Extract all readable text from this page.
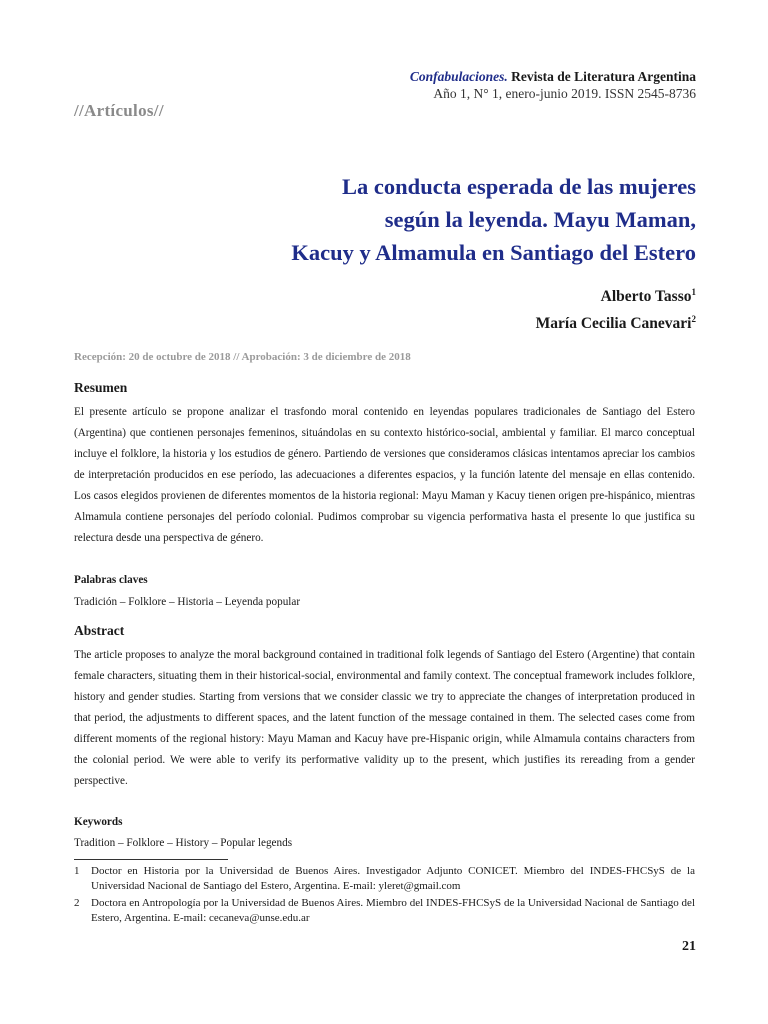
Confabulaciones. Revista de Literatura Argentina
Año 1, N° 1, enero-junio 2019. ISSN 2545-8736
//Artículos//
La conducta esperada de las mujeres
según la leyenda. Mayu Maman,
Kacuy y Almamula en Santiago del Estero
Alberto Tasso$^1$
María Cecilia Canevari$^2$
Recepción: 20 de octubre de 2018 // Aprobación: 3 de diciembre de 2018
Resumen
El presente artículo se propone analizar el trasfondo moral contenido en leyendas populares tradicionales de Santiago del Estero (Argentina) que contienen personajes femeninos, situándolas en su contexto histórico-social, ambiental y familiar. El marco conceptual incluye el folklore, la historia y los estudios de género. Partiendo de versiones que consideramos clásicas intentamos apreciar los cambios de interpretación producidos en ese período, las adecuaciones a diferentes espacios, y la función latente del mensaje en ellas contenido. Los casos elegidos provienen de diferentes momentos de la historia regional: Mayu Maman y Kacuy tienen origen pre-hispánico, mientras Almamula contiene personajes del período colonial. Pudimos comprobar su vigencia performativa hasta el presente lo que justifica su relectura desde una perspectiva de género.
Palabras claves
Tradición – Folklore – Historia – Leyenda popular
Abstract
The article proposes to analyze the moral background contained in traditional folk legends of Santiago del Estero (Argentine) that contain female characters, situating them in their historical-social, environmental and family context. The conceptual framework includes folklore, history and gender studies. Starting from versions that we consider classic we try to appreciate the changes of interpretation produced in that period, the adjustments to different spaces, and the latent function of the message contained in them. The selected cases come from different moments of the regional history: Mayu Maman and Kacuy have pre-Hispanic origin, while Almamula contains characters from the colonial period. We were able to verify its performative validity up to the present, which justifies its rereading from a gender perspective.
Keywords
Tradition – Folklore – History – Popular legends
1	Doctor en Historia por la Universidad de Buenos Aires. Investigador Adjunto CONICET. Miembro del INDES-FHCSyS de la Universidad Nacional de Santiago del Estero, Argentina. E-mail: yleret@gmail.com
2	Doctora en Antropología por la Universidad de Buenos Aires. Miembro del INDES-FHCSyS de la Universidad Nacional de Santiago del Estero, Argentina. E-mail: cecaneva@unse.edu.ar
21
